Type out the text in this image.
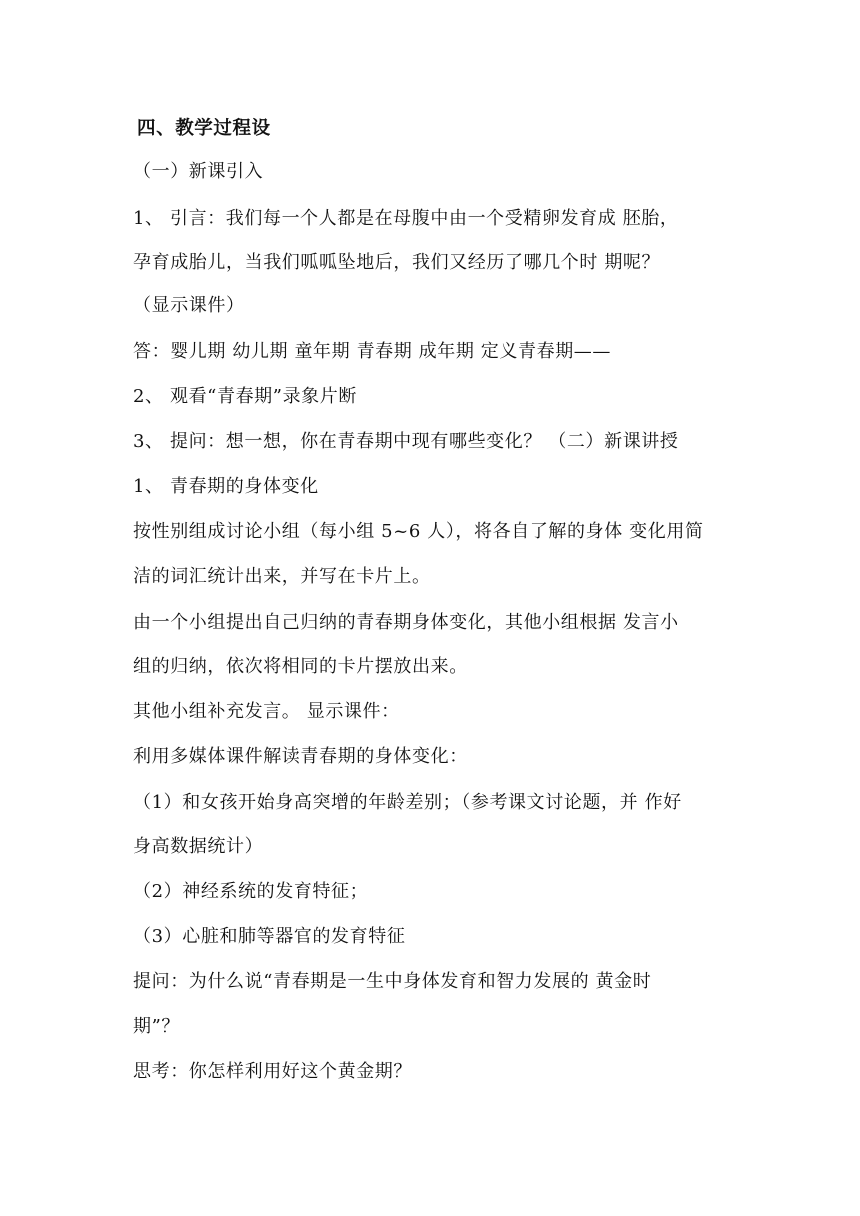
四、教学过程设
（一）新课引入
1、 引言：我们每一个人都是在母腹中由一个受精卵发育成 胚胎，
孕育成胎儿，当我们呱呱坠地后，我们又经历了哪几个时 期呢？
（显示课件）
答：婴儿期 幼儿期 童年期 青春期 成年期 定义青春期——
2、 观看“青春期”录象片断
3、 提问：想一想，你在青春期中现有哪些变化？ （二）新课讲授
1、 青春期的身体变化
按性别组成讨论小组（每小组 5~6 人），将各自了解的身体 变化用简
洁的词汇统计出来，并写在卡片上。
由一个小组提出自己归纳的青春期身体变化，其他小组根据 发言小
组的归纳，依次将相同的卡片摆放出来。
其他小组补充发言。 显示课件：
利用多媒体课件解读青春期的身体变化：
（1）和女孩开始身高突增的年龄差别；（参考课文讨论题，并 作好
身高数据统计）
（2）神经系统的发育特征；
（3）心脏和肺等器官的发育特征
提问：为什么说“青春期是一生中身体发育和智力发展的 黄金时
期”？
思考：你怎样利用好这个黄金期？
